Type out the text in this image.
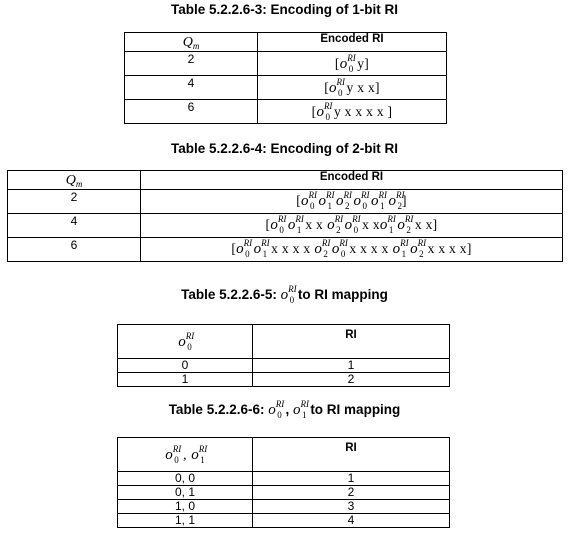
Table 5.2.2.6-3: Encoding of 1-bit RI
Qm	Encoded RI
2	[$o^{RI}_0$ y]
4	[$o^{RI}_0$ y x x]
6	[$o^{RI}_0$ y x x x x ]
Table 5.2.2.6-4: Encoding of 2-bit RI
Qm	Encoded RI
2	[$o^{RI}_0$ $o^{RI}_1$ $o^{RI}_2$ $o^{RI}_0$ $o^{RI}_1$ $o^{RI}_2$]
4	[$o^{RI}_0$ $o^{RI}_1$ x x $o^{RI}_2$ $o^{RI}_0$ x $xo^{RI}_1$ $o^{RI}_2$ x x]
6	[$o^{RI}_0$ $o^{RI}_1$ x x x x $o^{RI}_2$ $o^{RI}_0$ x x x x $o^{RI}_1$ $o^{RI}_2$ x x x x]
Table 5.2.2.6-5: $o^{RI}_0$ to RI mapping
$o^{RI}_0$	RI
0	1
1	2
Table 5.2.2.6-6: $o^{RI}_0$ , $o^{RI}_1$ to RI mapping
$o^{RI}_0$ , $o^{RI}_1$	RI
0, 0	1
0, 1	2
1, 0	3
1, 1	4
